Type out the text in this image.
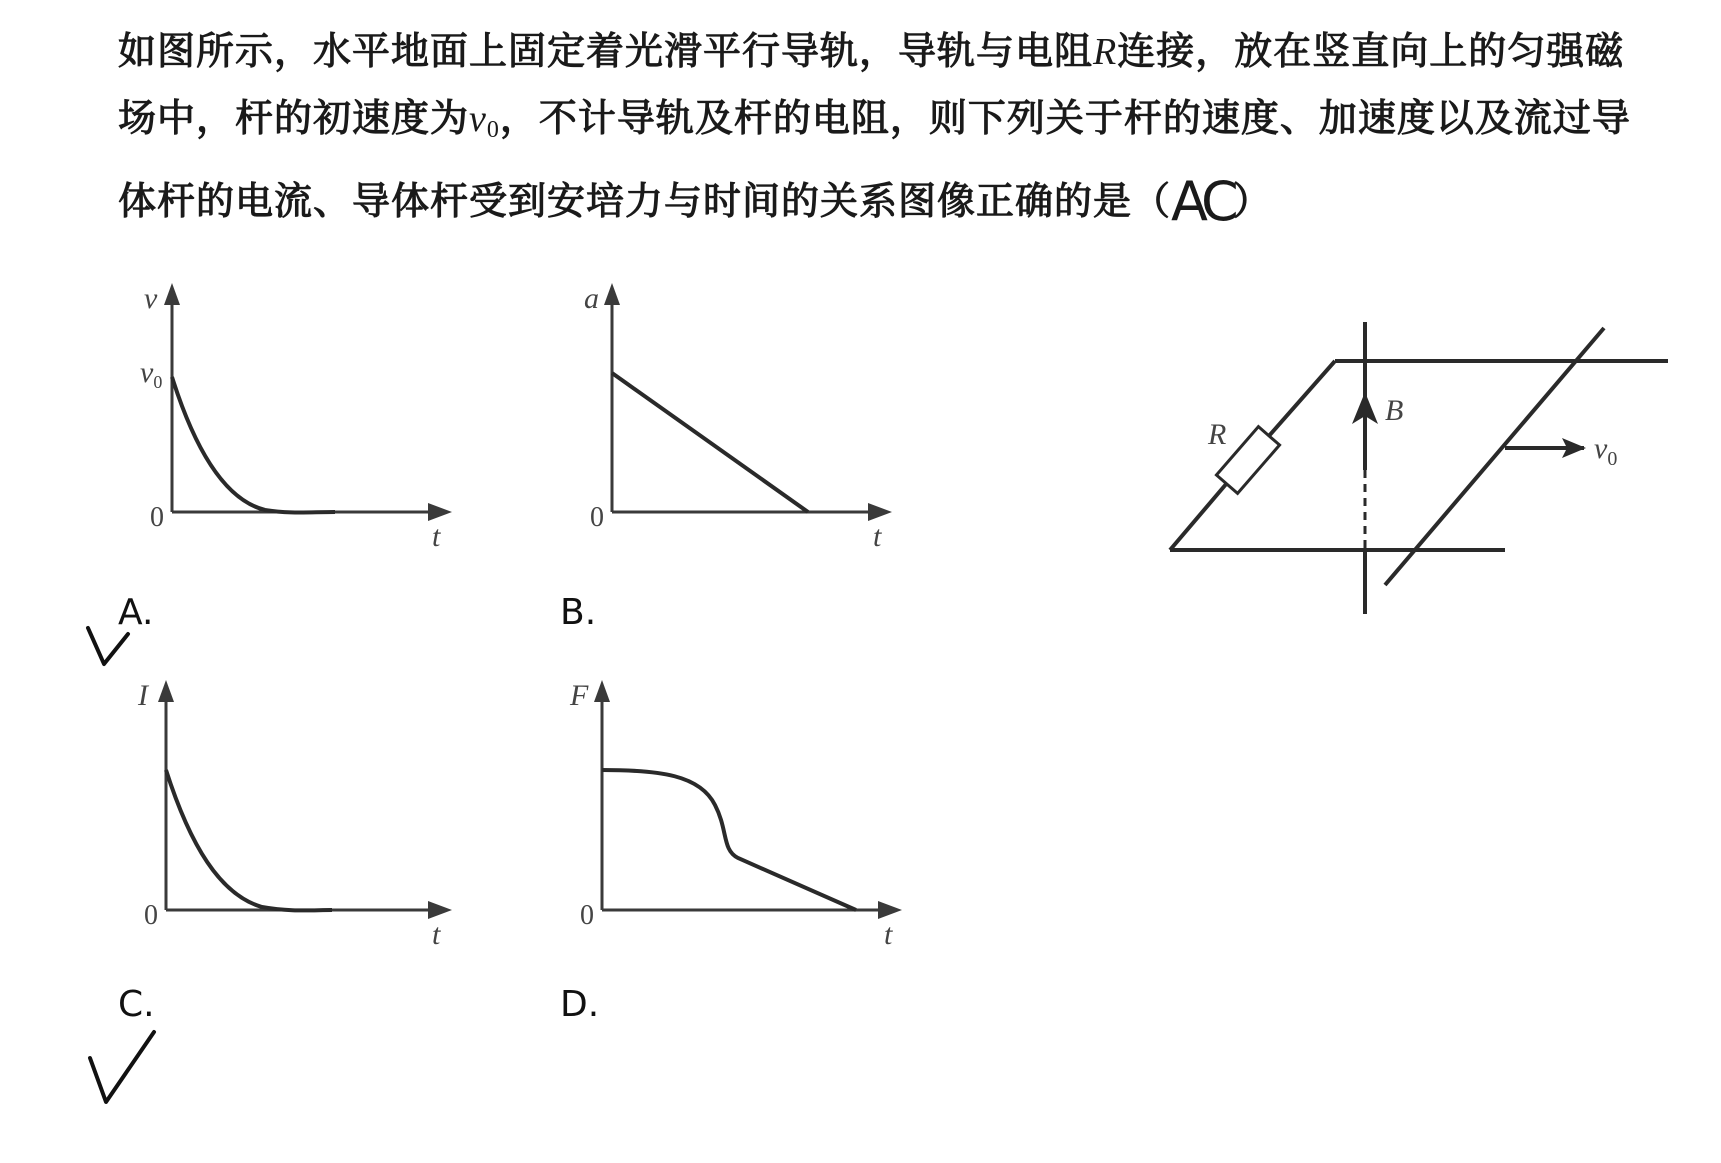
如图所示，水平地面上固定着光滑平行导轨，导轨与电阻R连接，放在竖直向上的匀强磁场中，杆的初速度为$v_0$，不计导轨及杆的电阻，则下列关于杆的速度、加速度以及流过导体杆的电流、导体杆受到安培力与时间的关系图像正确的是（AC）

A.	B.
C.	D.
v
$v_0$
0
t
a
0
t
I
0
t
F
0
t
R
B
$v_0$
